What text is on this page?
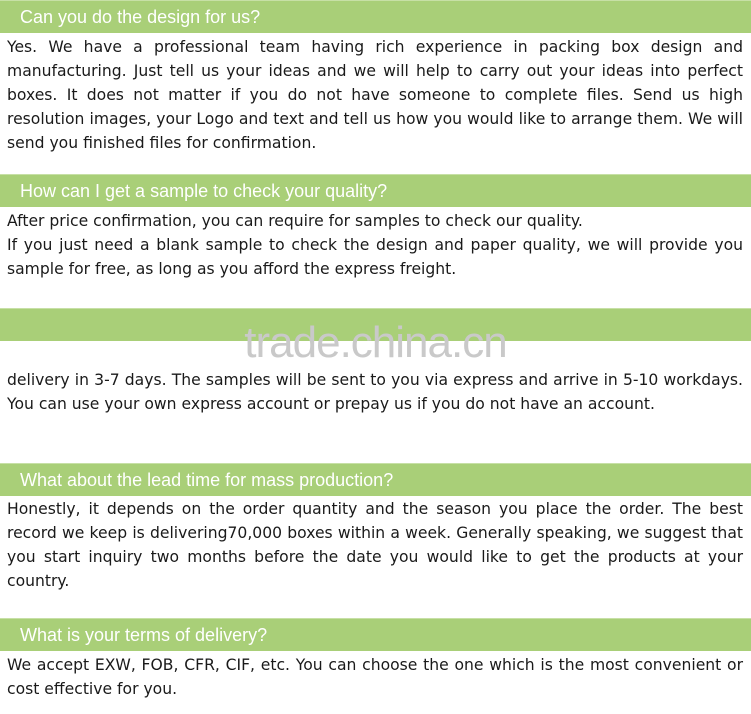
Can you do the design for us?

Yes. We have a professional team having rich experience in packing box design and manufacturing. Just tell us your ideas and we will help to carry out your ideas into perfect boxes. It does not matter if you do not have someone to complete files. Send us high resolution images, your Logo and text and tell us how you would like to arrange them. We will send you finished files for confirmation.

How can I get a sample to check your quality?

After price confirmation, you can require for samples to check our quality.

If you just need a blank sample to check the design and paper quality, we will provide you sample for free, as long as you afford the express freight.

trade.china.cn

delivery in 3-7 days. The samples will be sent to you via express and arrive in 5-10 workdays. You can use your own express account or prepay us if you do not have an account.

What about the lead time for mass production?

Honestly, it depends on the order quantity and the season you place the order. The best record we keep is delivering70,000 boxes within a week. Generally speaking, we suggest that you start inquiry two months before the date you would like to get the products at your country.

What is your terms of delivery?

We accept EXW, FOB, CFR, CIF, etc. You can choose the one which is the most convenient or cost effective for you.
